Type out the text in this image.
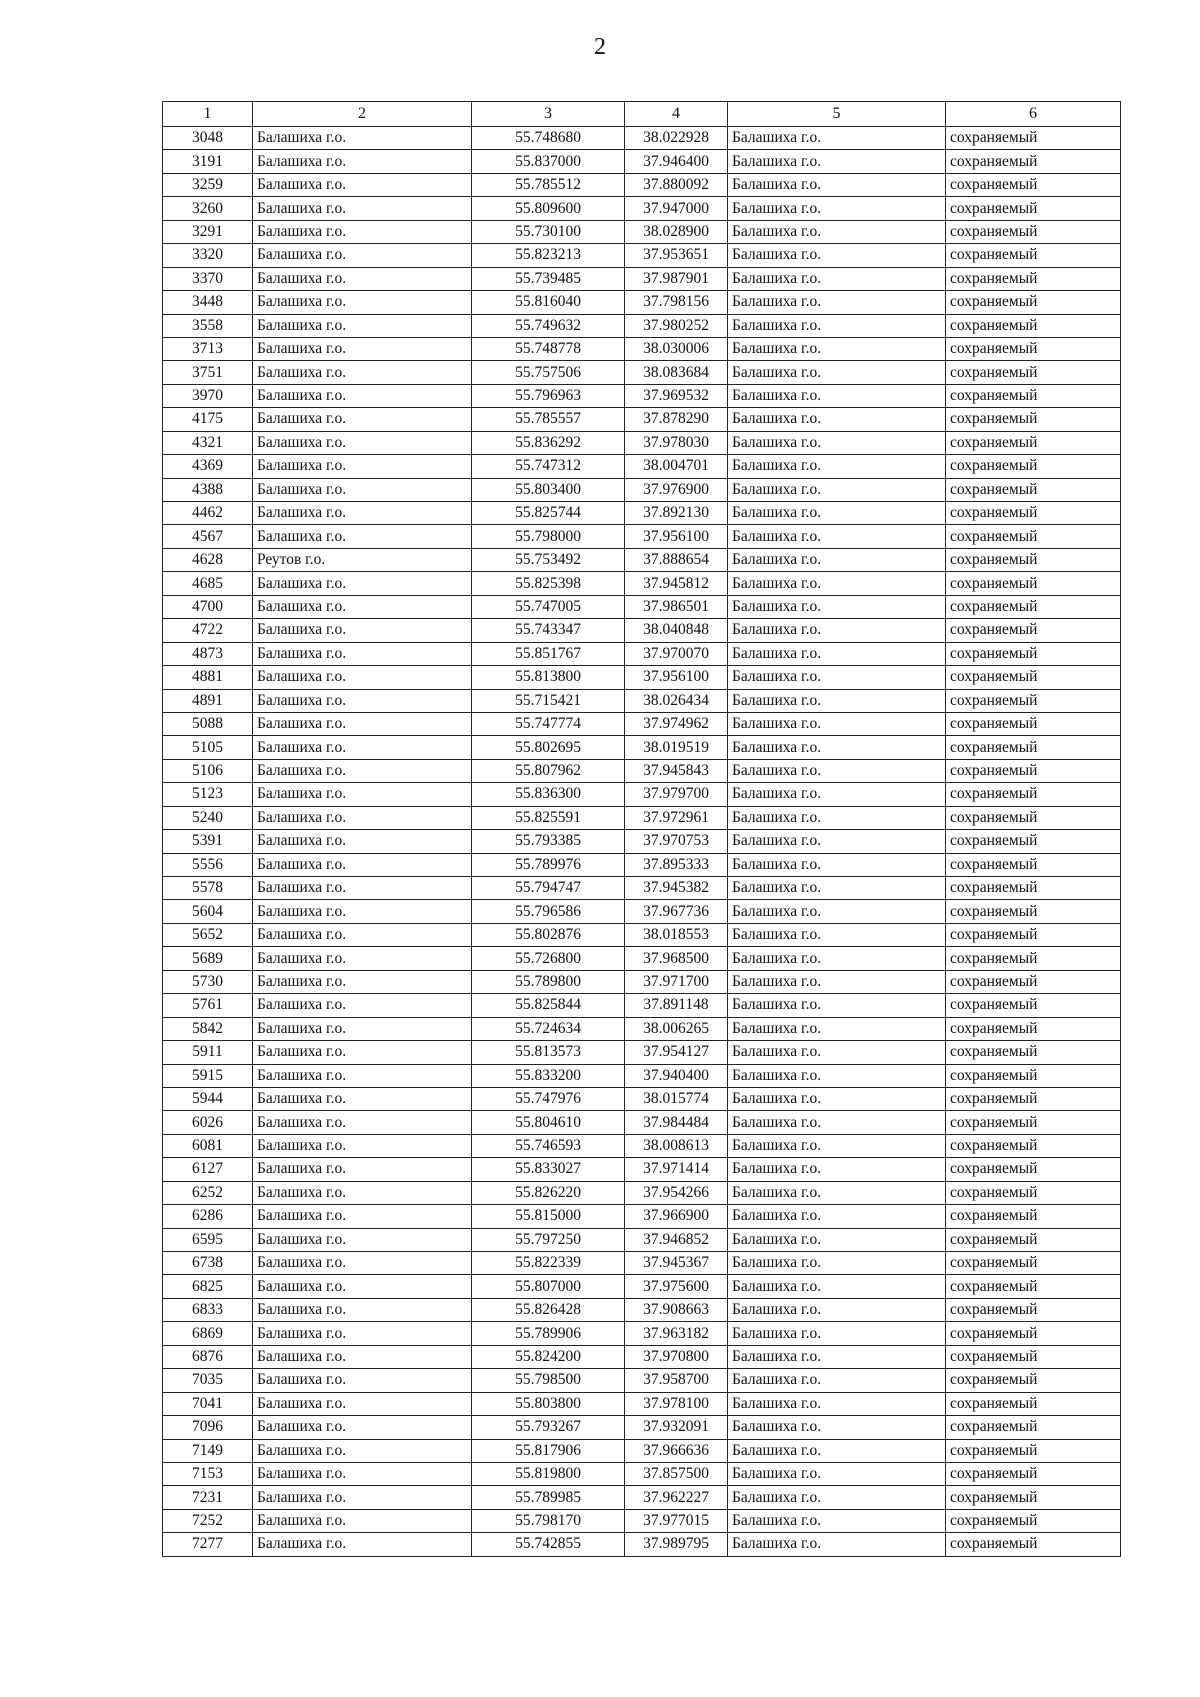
2
1	2	3	4	5	6
3048	Балашиха г.о.	55.748680	38.022928	Балашиха г.о.	сохраняемый
3191	Балашиха г.о.	55.837000	37.946400	Балашиха г.о.	сохраняемый
3259	Балашиха г.о.	55.785512	37.880092	Балашиха г.о.	сохраняемый
3260	Балашиха г.о.	55.809600	37.947000	Балашиха г.о.	сохраняемый
3291	Балашиха г.о.	55.730100	38.028900	Балашиха г.о.	сохраняемый
3320	Балашиха г.о.	55.823213	37.953651	Балашиха г.о.	сохраняемый
3370	Балашиха г.о.	55.739485	37.987901	Балашиха г.о.	сохраняемый
3448	Балашиха г.о.	55.816040	37.798156	Балашиха г.о.	сохраняемый
3558	Балашиха г.о.	55.749632	37.980252	Балашиха г.о.	сохраняемый
3713	Балашиха г.о.	55.748778	38.030006	Балашиха г.о.	сохраняемый
3751	Балашиха г.о.	55.757506	38.083684	Балашиха г.о.	сохраняемый
3970	Балашиха г.о.	55.796963	37.969532	Балашиха г.о.	сохраняемый
4175	Балашиха г.о.	55.785557	37.878290	Балашиха г.о.	сохраняемый
4321	Балашиха г.о.	55.836292	37.978030	Балашиха г.о.	сохраняемый
4369	Балашиха г.о.	55.747312	38.004701	Балашиха г.о.	сохраняемый
4388	Балашиха г.о.	55.803400	37.976900	Балашиха г.о.	сохраняемый
4462	Балашиха г.о.	55.825744	37.892130	Балашиха г.о.	сохраняемый
4567	Балашиха г.о.	55.798000	37.956100	Балашиха г.о.	сохраняемый
4628	Реутов г.о.	55.753492	37.888654	Балашиха г.о.	сохраняемый
4685	Балашиха г.о.	55.825398	37.945812	Балашиха г.о.	сохраняемый
4700	Балашиха г.о.	55.747005	37.986501	Балашиха г.о.	сохраняемый
4722	Балашиха г.о.	55.743347	38.040848	Балашиха г.о.	сохраняемый
4873	Балашиха г.о.	55.851767	37.970070	Балашиха г.о.	сохраняемый
4881	Балашиха г.о.	55.813800	37.956100	Балашиха г.о.	сохраняемый
4891	Балашиха г.о.	55.715421	38.026434	Балашиха г.о.	сохраняемый
5088	Балашиха г.о.	55.747774	37.974962	Балашиха г.о.	сохраняемый
5105	Балашиха г.о.	55.802695	38.019519	Балашиха г.о.	сохраняемый
5106	Балашиха г.о.	55.807962	37.945843	Балашиха г.о.	сохраняемый
5123	Балашиха г.о.	55.836300	37.979700	Балашиха г.о.	сохраняемый
5240	Балашиха г.о.	55.825591	37.972961	Балашиха г.о.	сохраняемый
5391	Балашиха г.о.	55.793385	37.970753	Балашиха г.о.	сохраняемый
5556	Балашиха г.о.	55.789976	37.895333	Балашиха г.о.	сохраняемый
5578	Балашиха г.о.	55.794747	37.945382	Балашиха г.о.	сохраняемый
5604	Балашиха г.о.	55.796586	37.967736	Балашиха г.о.	сохраняемый
5652	Балашиха г.о.	55.802876	38.018553	Балашиха г.о.	сохраняемый
5689	Балашиха г.о.	55.726800	37.968500	Балашиха г.о.	сохраняемый
5730	Балашиха г.о.	55.789800	37.971700	Балашиха г.о.	сохраняемый
5761	Балашиха г.о.	55.825844	37.891148	Балашиха г.о.	сохраняемый
5842	Балашиха г.о.	55.724634	38.006265	Балашиха г.о.	сохраняемый
5911	Балашиха г.о.	55.813573	37.954127	Балашиха г.о.	сохраняемый
5915	Балашиха г.о.	55.833200	37.940400	Балашиха г.о.	сохраняемый
5944	Балашиха г.о.	55.747976	38.015774	Балашиха г.о.	сохраняемый
6026	Балашиха г.о.	55.804610	37.984484	Балашиха г.о.	сохраняемый
6081	Балашиха г.о.	55.746593	38.008613	Балашиха г.о.	сохраняемый
6127	Балашиха г.о.	55.833027	37.971414	Балашиха г.о.	сохраняемый
6252	Балашиха г.о.	55.826220	37.954266	Балашиха г.о.	сохраняемый
6286	Балашиха г.о.	55.815000	37.966900	Балашиха г.о.	сохраняемый
6595	Балашиха г.о.	55.797250	37.946852	Балашиха г.о.	сохраняемый
6738	Балашиха г.о.	55.822339	37.945367	Балашиха г.о.	сохраняемый
6825	Балашиха г.о.	55.807000	37.975600	Балашиха г.о.	сохраняемый
6833	Балашиха г.о.	55.826428	37.908663	Балашиха г.о.	сохраняемый
6869	Балашиха г.о.	55.789906	37.963182	Балашиха г.о.	сохраняемый
6876	Балашиха г.о.	55.824200	37.970800	Балашиха г.о.	сохраняемый
7035	Балашиха г.о.	55.798500	37.958700	Балашиха г.о.	сохраняемый
7041	Балашиха г.о.	55.803800	37.978100	Балашиха г.о.	сохраняемый
7096	Балашиха г.о.	55.793267	37.932091	Балашиха г.о.	сохраняемый
7149	Балашиха г.о.	55.817906	37.966636	Балашиха г.о.	сохраняемый
7153	Балашиха г.о.	55.819800	37.857500	Балашиха г.о.	сохраняемый
7231	Балашиха г.о.	55.789985	37.962227	Балашиха г.о.	сохраняемый
7252	Балашиха г.о.	55.798170	37.977015	Балашиха г.о.	сохраняемый
7277	Балашиха г.о.	55.742855	37.989795	Балашиха г.о.	сохраняемый
